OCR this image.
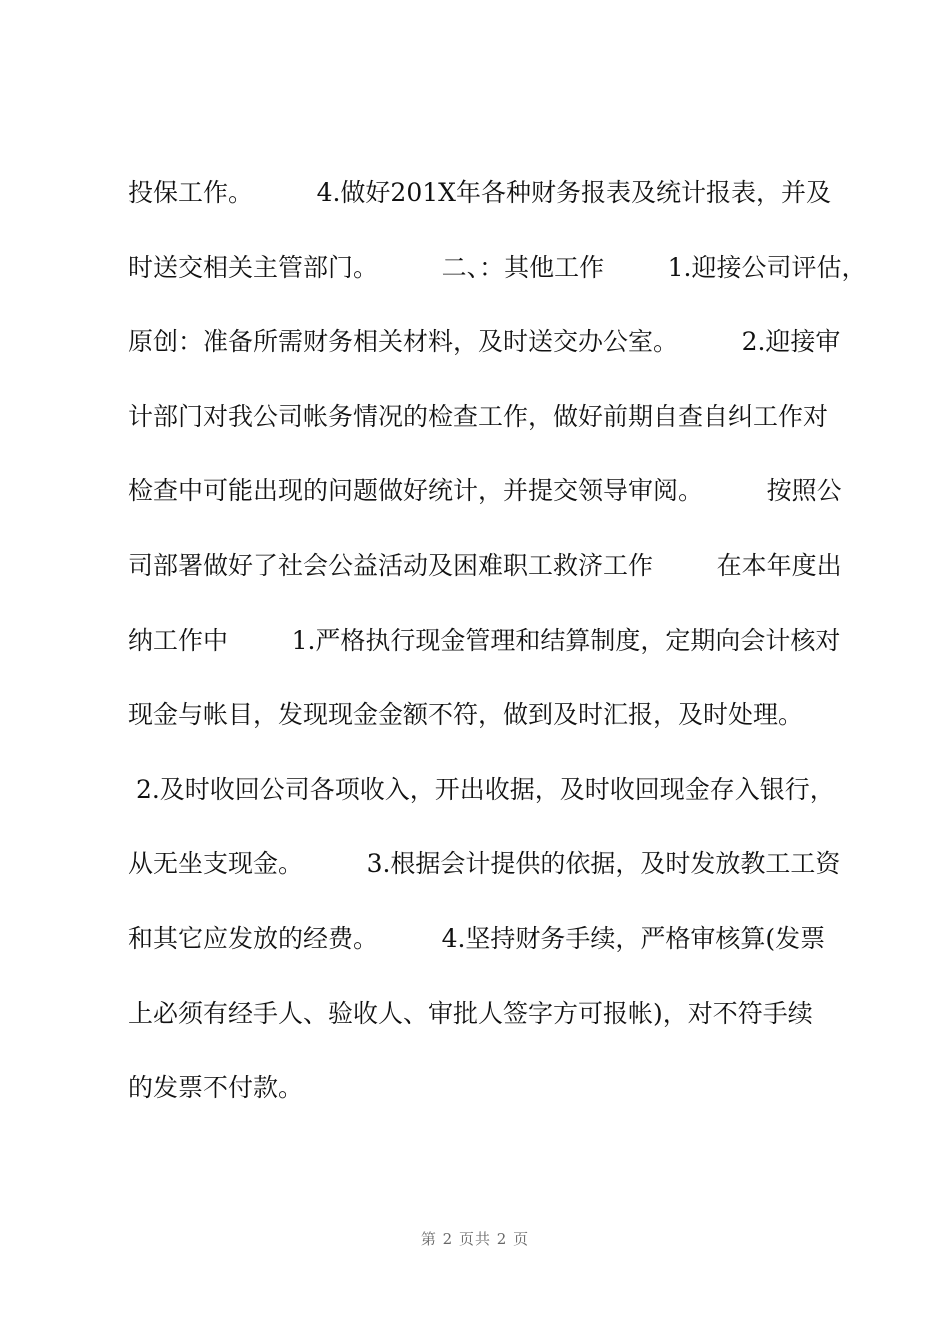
投保工作。        4.做好201X年各种财务报表及统计报表，并及
时送交相关主管部门。        二、：其他工作        1.迎接公司评估，
原创：准备所需财务相关材料，及时送交办公室。        2.迎接审
计部门对我公司帐务情况的检查工作，做好前期自查自纠工作对
检查中可能出现的问题做好统计，并提交领导审阅。        按照公
司部署做好了社会公益活动及困难职工救济工作        在本年度出
纳工作中        1.严格执行现金管理和结算制度，定期向会计核对
现金与帐目，发现现金金额不符，做到及时汇报，及时处理。
2.及时收回公司各项收入，开出收据，及时收回现金存入银行，
从无坐支现金。        3.根据会计提供的依据，及时发放教工工资
和其它应发放的经费。        4.坚持财务手续，严格审核算(发票
上必须有经手人、验收人、审批人签字方可报帐)，对不符手续
的发票不付款。
第 2 页共 2 页
